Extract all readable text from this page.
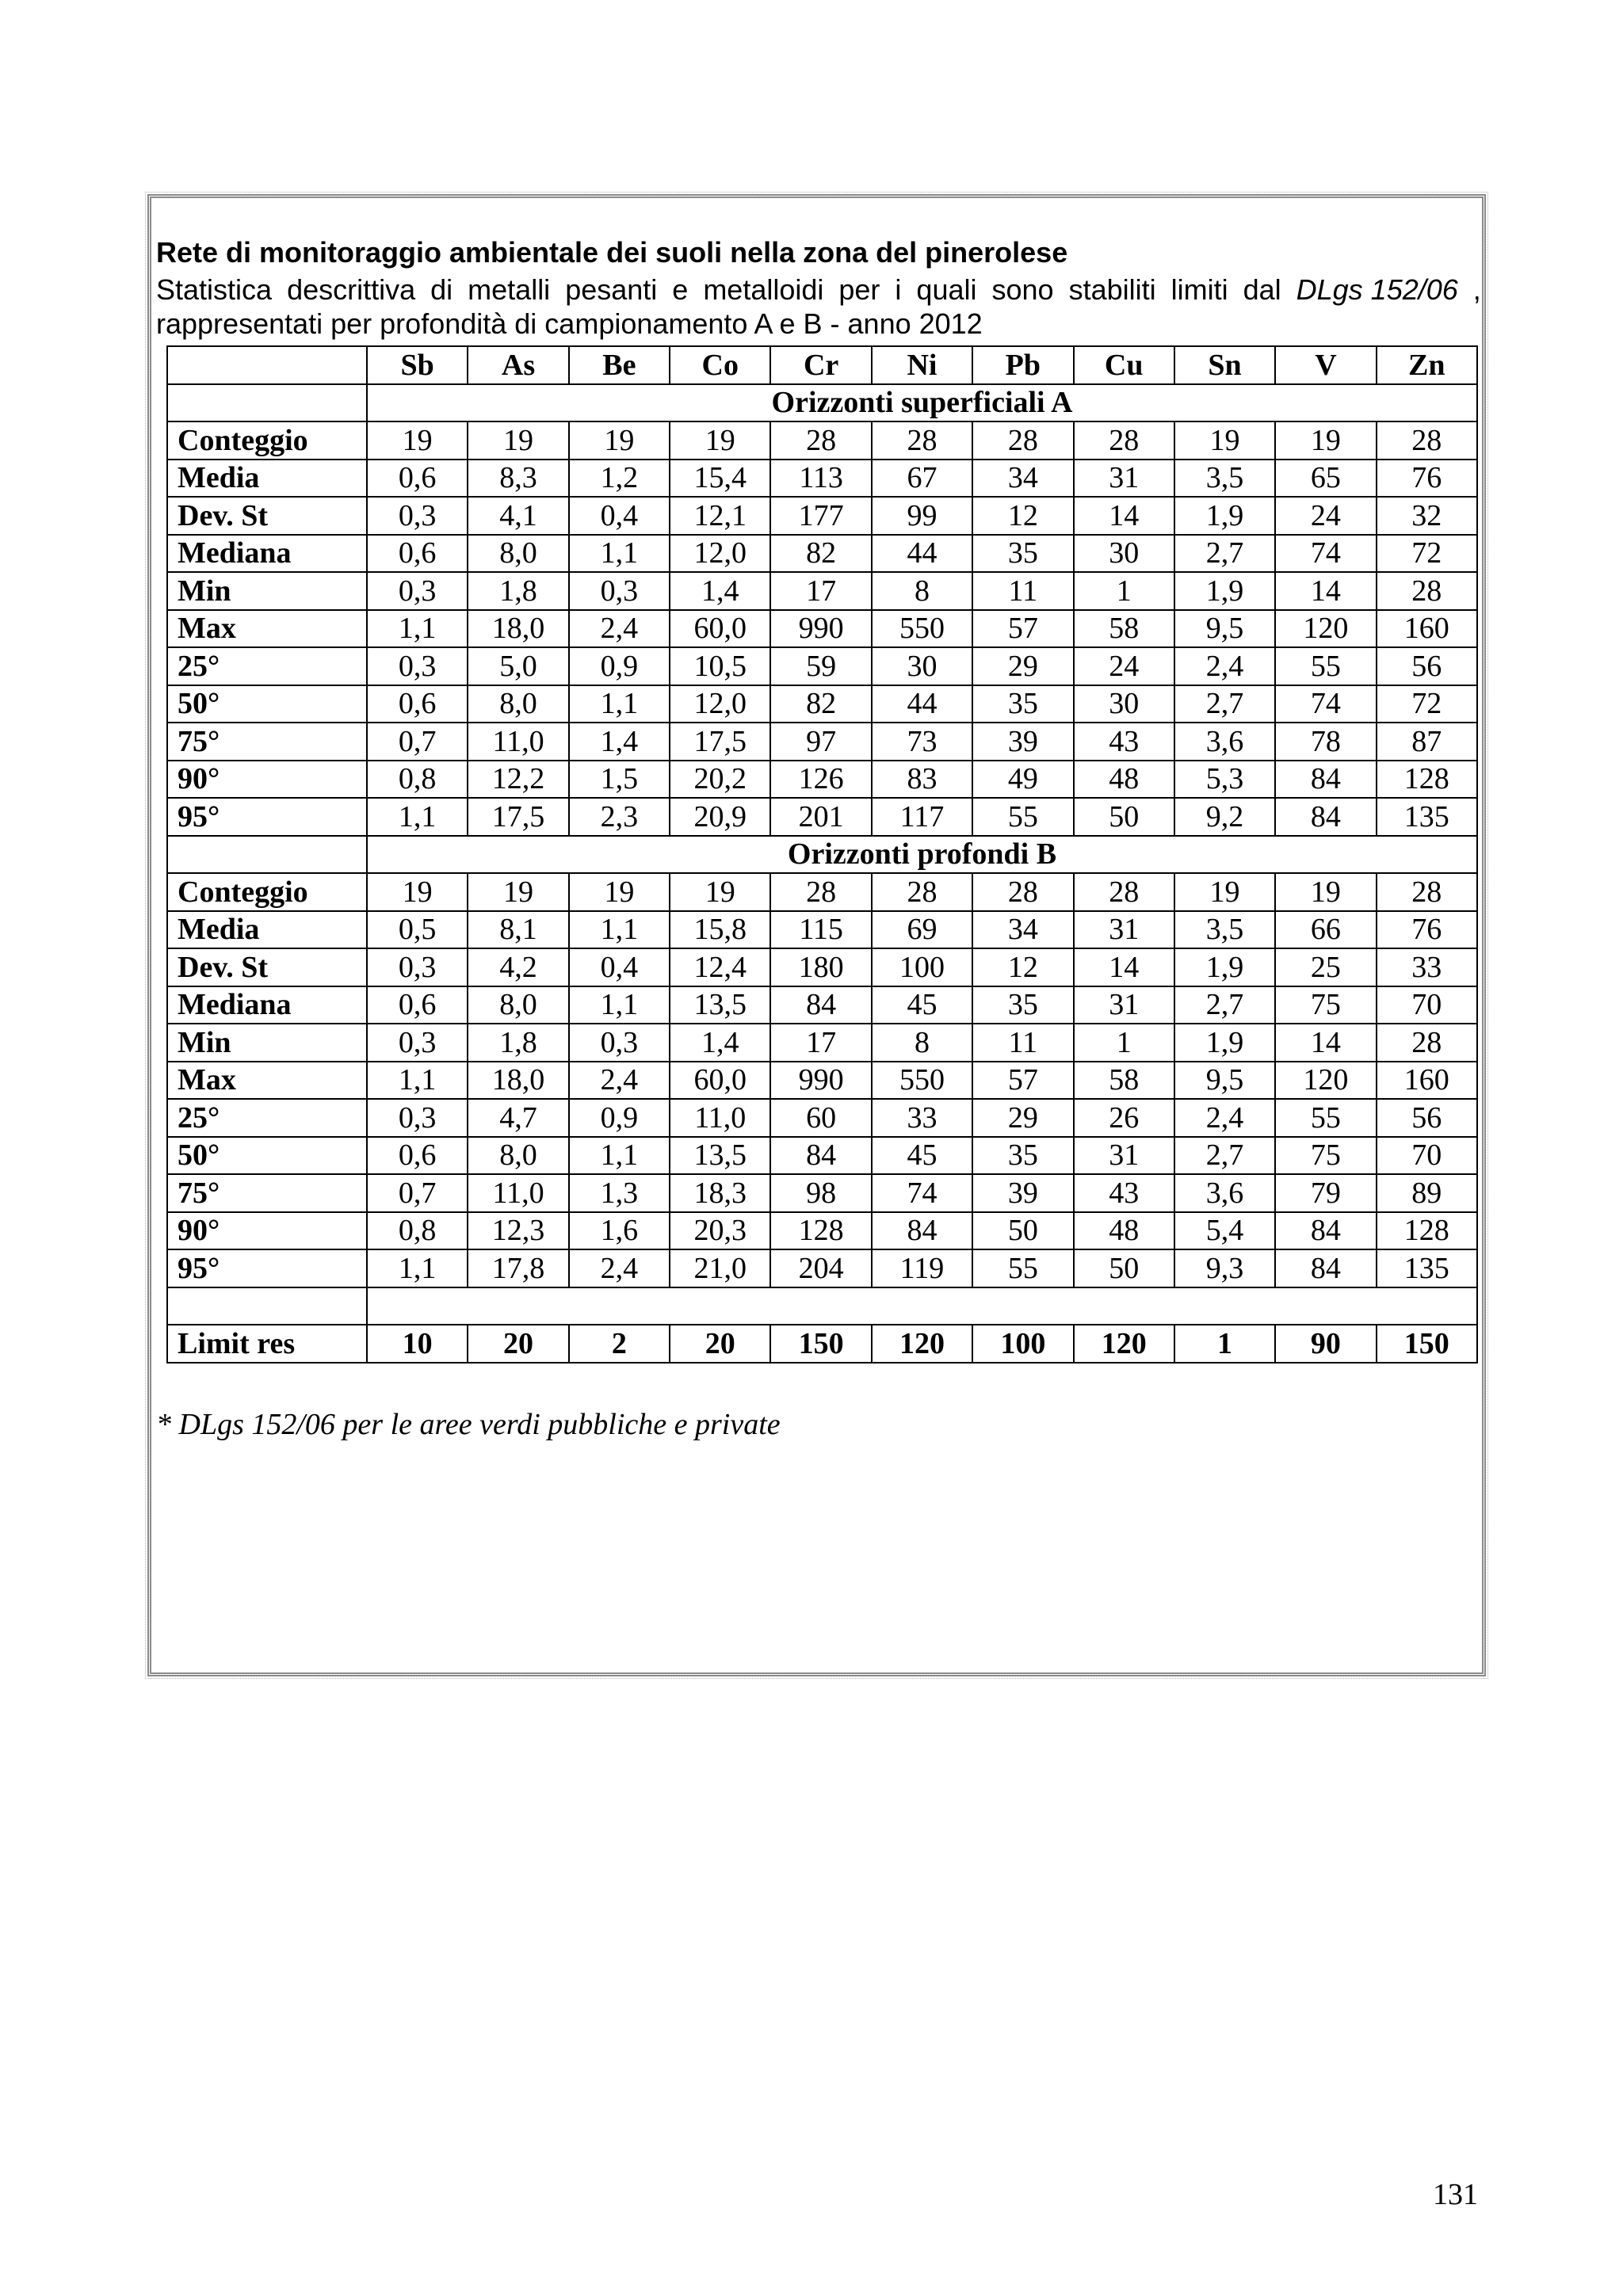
Rete di monitoraggio ambientale dei suoli nella zona del pinerolese
Statistica descrittiva di metalli pesanti e metalloidi per i quali sono stabiliti limiti dal DLgs 152/06 ,
rappresentati per profondità di campionamento A e B - anno 2012
	Sb	As	Be	Co	Cr	Ni	Pb	Cu	Sn	V	Zn
	Orizzonti superficiali A										
Conteggio	19	19	19	19	28	28	28	28	19	19	28
Media	0,6	8,3	1,2	15,4	113	67	34	31	3,5	65	76
Dev. St	0,3	4,1	0,4	12,1	177	99	12	14	1,9	24	32
Mediana	0,6	8,0	1,1	12,0	82	44	35	30	2,7	74	72
Min	0,3	1,8	0,3	1,4	17	8	11	1	1,9	14	28
Max	1,1	18,0	2,4	60,0	990	550	57	58	9,5	120	160
25°	0,3	5,0	0,9	10,5	59	30	29	24	2,4	55	56
50°	0,6	8,0	1,1	12,0	82	44	35	30	2,7	74	72
75°	0,7	11,0	1,4	17,5	97	73	39	43	3,6	78	87
90°	0,8	12,2	1,5	20,2	126	83	49	48	5,3	84	128
95°	1,1	17,5	2,3	20,9	201	117	55	50	9,2	84	135
	Orizzonti profondi B										
Conteggio	19	19	19	19	28	28	28	28	19	19	28
Media	0,5	8,1	1,1	15,8	115	69	34	31	3,5	66	76
Dev. St	0,3	4,2	0,4	12,4	180	100	12	14	1,9	25	33
Mediana	0,6	8,0	1,1	13,5	84	45	35	31	2,7	75	70
Min	0,3	1,8	0,3	1,4	17	8	11	1	1,9	14	28
Max	1,1	18,0	2,4	60,0	990	550	57	58	9,5	120	160
25°	0,3	4,7	0,9	11,0	60	33	29	26	2,4	55	56
50°	0,6	8,0	1,1	13,5	84	45	35	31	2,7	75	70
75°	0,7	11,0	1,3	18,3	98	74	39	43	3,6	79	89
90°	0,8	12,3	1,6	20,3	128	84	50	48	5,4	84	128
95°	1,1	17,8	2,4	21,0	204	119	55	50	9,3	84	135

Limit res	10	20	2	20	150	120	100	120	1	90	150
* DLgs 152/06 per le aree verdi pubbliche e private
131
